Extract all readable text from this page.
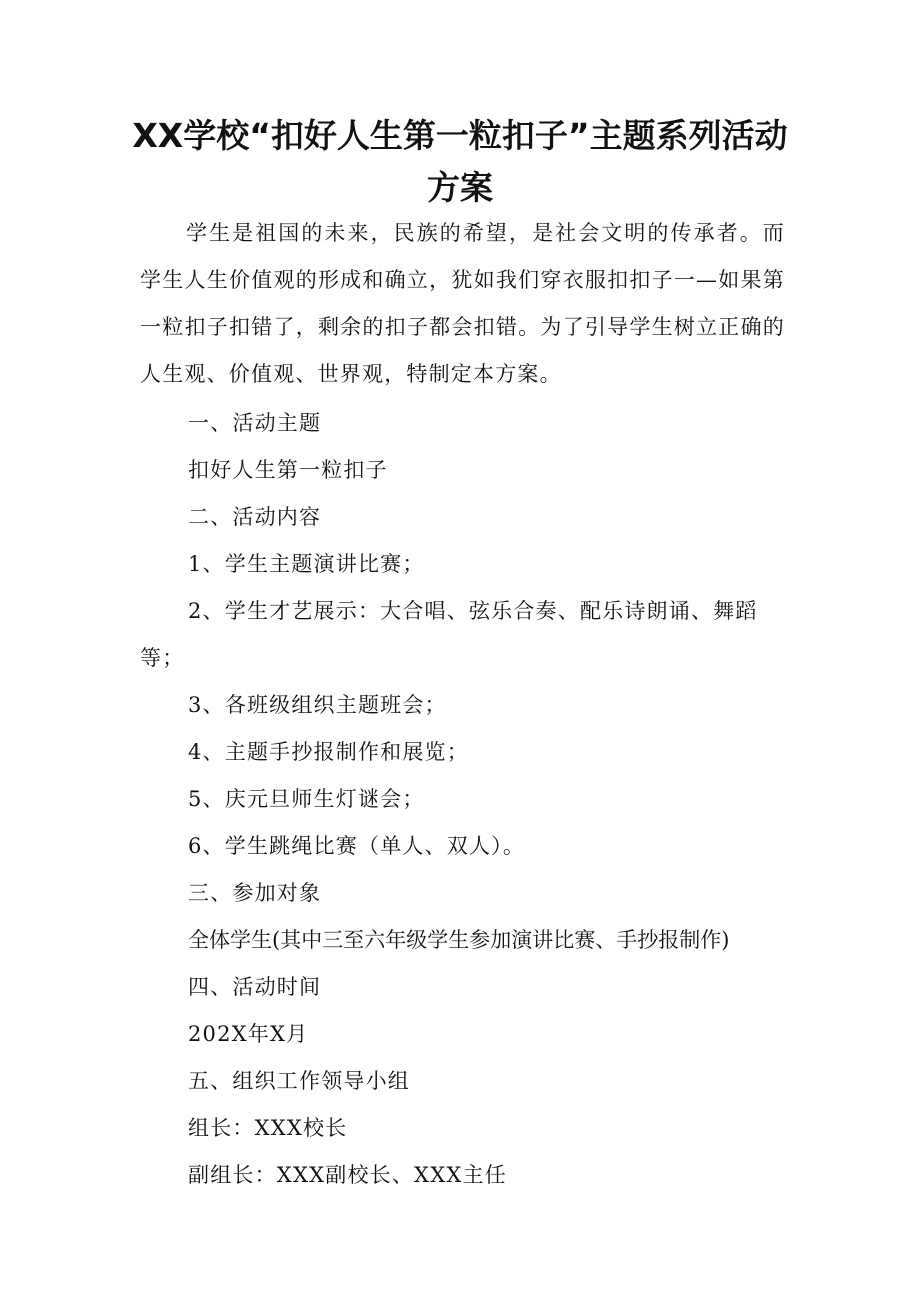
XX学校“扣好人生第一粒扣子”主题系列活动方案

学生是祖国的未来，民族的希望，是社会文明的传承者。而学生人生价值观的形成和确立，犹如我们穿衣服扣扣子一—如果第一粒扣子扣错了，剩余的扣子都会扣错。为了引导学生树立正确的人生观、价值观、世界观，特制定本方案。

一、活动主题

扣好人生第一粒扣子

二、活动内容

1、学生主题演讲比赛；

2、学生才艺展示：大合唱、弦乐合奏、配乐诗朗诵、舞蹈等；

3、各班级组织主题班会；

4、主题手抄报制作和展览；

5、庆元旦师生灯谜会；

6、学生跳绳比赛（单人、双人）。

三、参加对象

全体学生(其中三至六年级学生参加演讲比赛、手抄报制作)

四、活动时间

202X年X月

五、组织工作领导小组

组长：XXX校长

副组长：XXX副校长、XXX主任
